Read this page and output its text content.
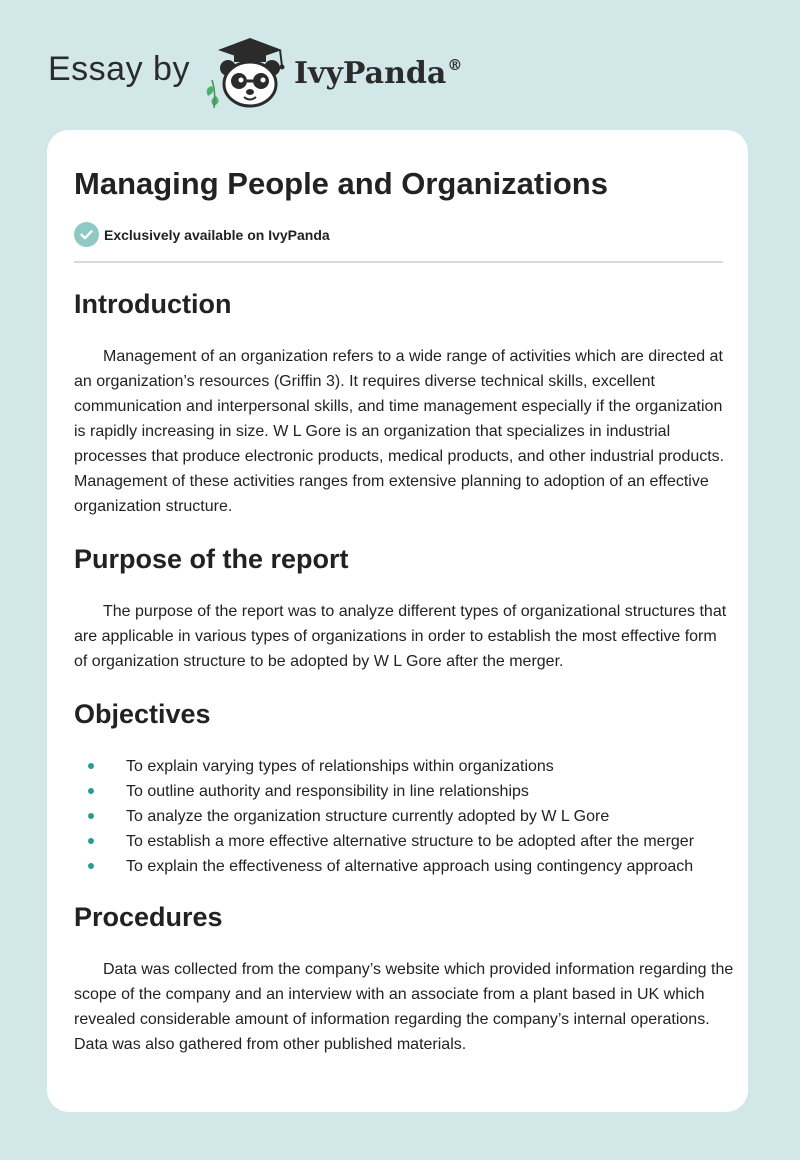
Essay by	IvyPanda®
Managing People and Organizations
Exclusively available on IvyPanda
Introduction

Management of an organization refers to a wide range of activities which are directed at an organization’s resources (Griffin 3). It requires diverse technical skills, excellent communication and interpersonal skills, and time management especially if the organization is rapidly increasing in size. W L Gore is an organization that specializes in industrial processes that produce electronic products, medical products, and other industrial products. Management of these activities ranges from extensive planning to adoption of an effective organization structure.

Purpose of the report

The purpose of the report was to analyze different types of organizational structures that are applicable in various types of organizations in order to establish the most effective form of organization structure to be adopted by W L Gore after the merger.

Objectives
To explain varying types of relationships within organizations
To outline authority and responsibility in line relationships
To analyze the organization structure currently adopted by W L Gore
To establish a more effective alternative structure to be adopted after the merger
To explain the effectiveness of alternative approach using contingency approach
Procedures

Data was collected from the company’s website which provided information regarding the scope of the company and an interview with an associate from a plant based in UK which revealed considerable amount of information regarding the company’s internal operations. Data was also gathered from other published materials.
